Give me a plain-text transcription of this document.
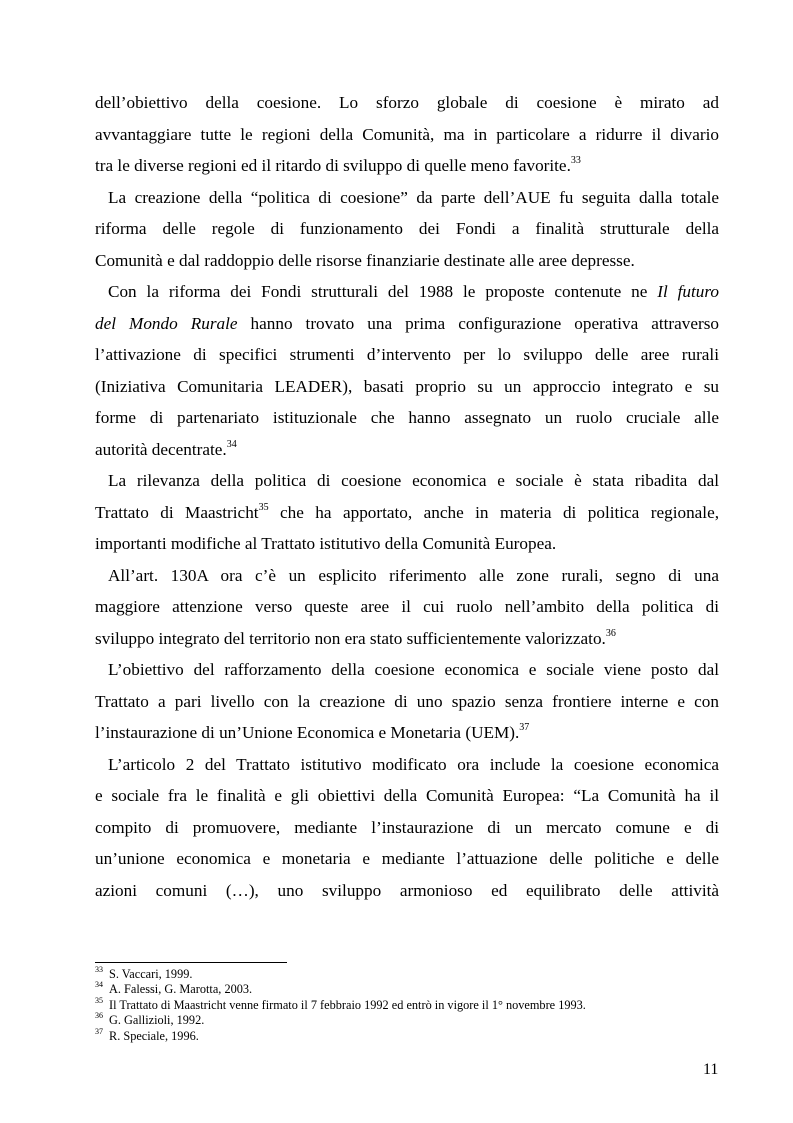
dell’obiettivo della coesione. Lo sforzo globale di coesione è mirato ad
avvantaggiare tutte le regioni della Comunità, ma in particolare a ridurre il divario
tra le diverse regioni ed il ritardo di sviluppo di quelle meno favorite.$^{33}$
La creazione della “politica di coesione” da parte dell’AUE fu seguita dalla totale
riforma delle regole di funzionamento dei Fondi a finalità strutturale della
Comunità e dal raddoppio delle risorse finanziarie destinate alle aree depresse.
Con la riforma dei Fondi strutturali del 1988 le proposte contenute ne Il futuro
del Mondo Rurale hanno trovato una prima configurazione operativa attraverso
l’attivazione di specifici strumenti d’intervento per lo sviluppo delle aree rurali
(Iniziativa Comunitaria LEADER), basati proprio su un approccio integrato e su
forme di partenariato istituzionale che hanno assegnato un ruolo cruciale alle
autorità decentrate.$^{34}$
La rilevanza della politica di coesione economica e sociale è stata ribadita dal
Trattato di Maastricht$^{35}$ che ha apportato, anche in materia di politica regionale,
importanti modifiche al Trattato istitutivo della Comunità Europea.
All’art. 130A ora c’è un esplicito riferimento alle zone rurali, segno di una
maggiore attenzione verso queste aree il cui ruolo nell’ambito della politica di
sviluppo integrato del territorio non era stato sufficientemente valorizzato.$^{36}$
L’obiettivo del rafforzamento della coesione economica e sociale viene posto dal
Trattato a pari livello con la creazione di uno spazio senza frontiere interne e con
l’instaurazione di un’Unione Economica e Monetaria (UEM).$^{37}$
L’articolo 2 del Trattato istitutivo modificato ora include la coesione economica
e sociale fra le finalità e gli obiettivi della Comunità Europea: “La Comunità ha il
compito di promuovere, mediante l’instaurazione di un mercato comune e di
un’unione economica e monetaria e mediante l’attuazione delle politiche e delle
azioni comuni (…), uno sviluppo armonioso ed equilibrato delle attività
$^{33}$ S. Vaccari, 1999.
$^{34}$ A. Falessi, G. Marotta, 2003.
$^{35}$ Il Trattato di Maastricht venne firmato il 7 febbraio 1992 ed entrò in vigore il 1° novembre 1993.
$^{36}$ G. Gallizioli, 1992.
$^{37}$ R. Speciale, 1996.
11
